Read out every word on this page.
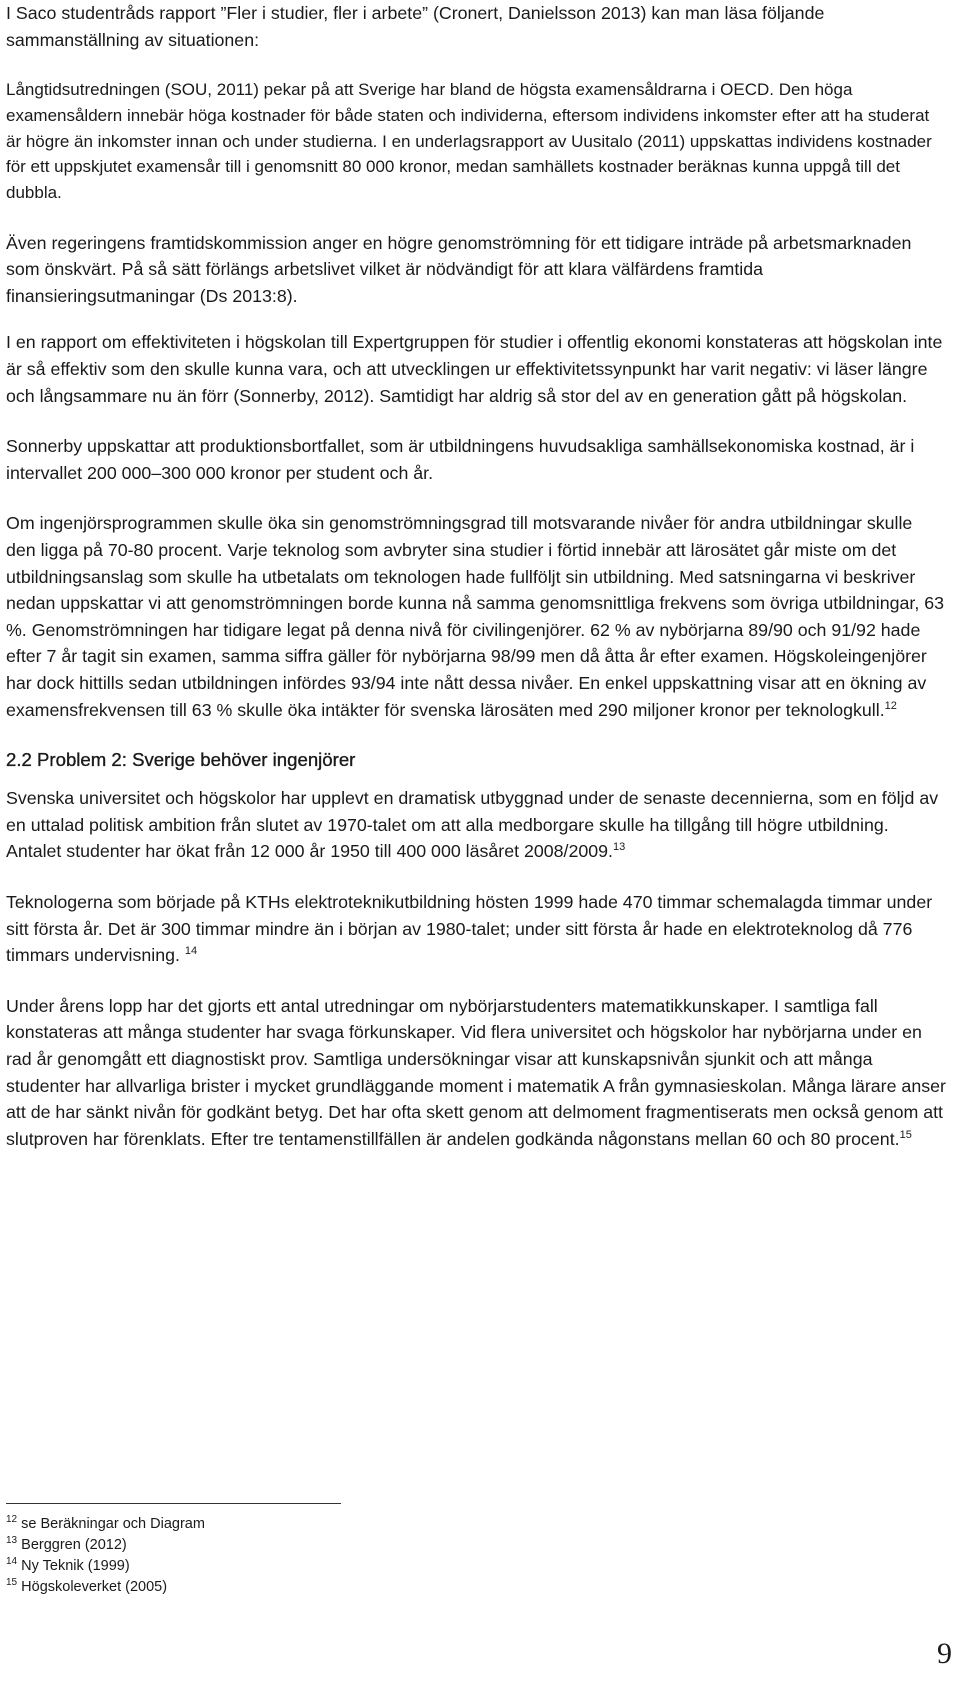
I Saco studentråds rapport ”Fler i studier, fler i arbete” (Cronert, Danielsson 2013) kan man läsa följande sammanställning av situationen:

Långtidsutredningen (SOU, 2011) pekar på att Sverige har bland de högsta examensåldrarna i OECD. Den höga examensåldern innebär höga kostnader för både staten och individerna, eftersom individens inkomster efter att ha studerat är högre än inkomster innan och under studierna. I en underlagsrapport av Uusitalo (2011) uppskattas individens kostnader för ett uppskjutet examensår till i genomsnitt 80 000 kronor, medan samhällets kostnader beräknas kunna uppgå till det dubbla.

Även regeringens framtidskommission anger en högre genomströmning för ett tidigare inträde på arbetsmarknaden som önskvärt. På så sätt förlängs arbetslivet vilket är nödvändigt för att klara välfärdens framtida finansieringsutmaningar (Ds 2013:8).

I en rapport om effektiviteten i högskolan till Expertgruppen för studier i offentlig ekonomi konstateras att högskolan inte är så effektiv som den skulle kunna vara, och att utvecklingen ur effektivitetssynpunkt har varit negativ: vi läser längre och långsammare nu än förr (Sonnerby, 2012). Samtidigt har aldrig så stor del av en generation gått på högskolan.

Sonnerby uppskattar att produktionsbortfallet, som är utbildningens huvudsakliga samhällsekonomiska kostnad, är i intervallet 200 000–300 000 kronor per student och år.

Om ingenjörsprogrammen skulle öka sin genomströmningsgrad till motsvarande nivåer för andra utbildningar skulle den ligga på 70-80 procent. Varje teknolog som avbryter sina studier i förtid innebär att lärosätet går miste om det utbildningsanslag som skulle ha utbetalats om teknologen hade fullföljt sin utbildning. Med satsningarna vi beskriver nedan uppskattar vi att genomströmningen borde kunna nå samma genomsnittliga frekvens som övriga utbildningar, 63 %. Genomströmningen har tidigare legat på denna nivå för civilingenjörer. 62 % av nybörjarna 89/90 och 91/92 hade efter 7 år tagit sin examen, samma siffra gäller för nybörjarna 98/99 men då åtta år efter examen. Högskoleingenjörer har dock hittills sedan utbildningen infördes 93/94 inte nått dessa nivåer. En enkel uppskattning visar att en ökning av examensfrekvensen till 63 % skulle öka intäkter för svenska lärosäten med 290 miljoner kronor per teknologkull.$^{12}$

2.2 Problem 2: Sverige behöver ingenjörer

Svenska universitet och högskolor har upplevt en dramatisk utbyggnad under de senaste decennierna, som en följd av en uttalad politisk ambition från slutet av 1970-talet om att alla medborgare skulle ha tillgång till högre utbildning. Antalet studenter har ökat från 12 000 år 1950 till 400 000 läsåret 2008/2009.13

Teknologerna som började på KTHs elektroteknikutbildning hösten 1999 hade 470 timmar schemalagda timmar under sitt första år. Det är 300 timmar mindre än i början av 1980-talet; under sitt första år hade en elektroteknolog då 776 timmars undervisning. $^{14}$

Under årens lopp har det gjorts ett antal utredningar om nybörjarstudenters matematikkunskaper. I samtliga fall konstateras att många studenter har svaga förkunskaper. Vid flera universitet och högskolor har nybörjarna under en rad år genomgått ett diagnostiskt prov. Samtliga undersökningar visar att kunskapsnivån sjunkit och att många studenter har allvarliga brister i mycket grundläggande moment i matematik A från gymnasieskolan. Många lärare anser att de har sänkt nivån för godkänt betyg. Det har ofta skett genom att delmoment fragmentiserats men också genom att slutproven har förenklats. Efter tre tentamenstillfällen är andelen godkända någonstans mellan 60 och 80 procent.$^{15}$

$^{12}$ se Beräkningar och Diagram
$^{13}$ Berggren (2012)
$^{14}$ Ny Teknik (1999)
$^{15}$ Högskoleverket (2005)
9
